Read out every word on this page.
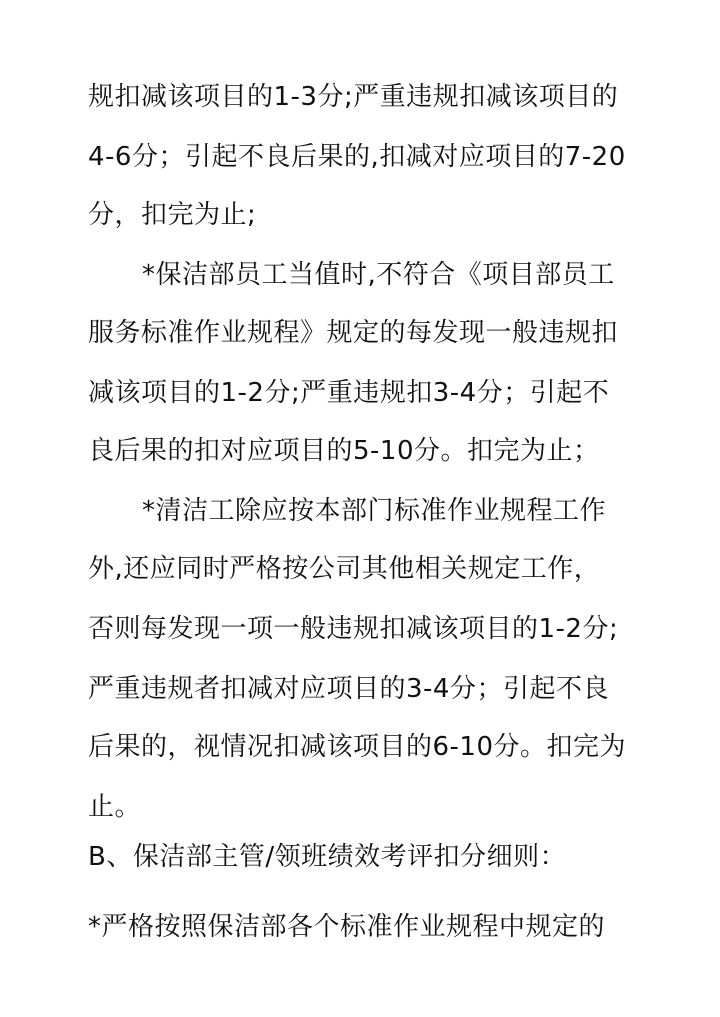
规扣减该项目的1-3分;严重违规扣减该项目的
4-6分；引起不良后果的,扣减对应项目的7-20
分，扣完为止;
*保洁部员工当值时,不符合《项目部员工
服务标准作业规程》规定的每发现一般违规扣
减该项目的1-2分;严重违规扣3-4分；引起不
良后果的扣对应项目的5-10分。扣完为止；
*清洁工除应按本部门标准作业规程工作
外,还应同时严格按公司其他相关规定工作，
否则每发现一项一般违规扣减该项目的1-2分;
严重违规者扣减对应项目的3-4分；引起不良
后果的，视情况扣减该项目的6-10分。扣完为
止。
B、保洁部主管/领班绩效考评扣分细则：
*严格按照保洁部各个标准作业规程中规定的
